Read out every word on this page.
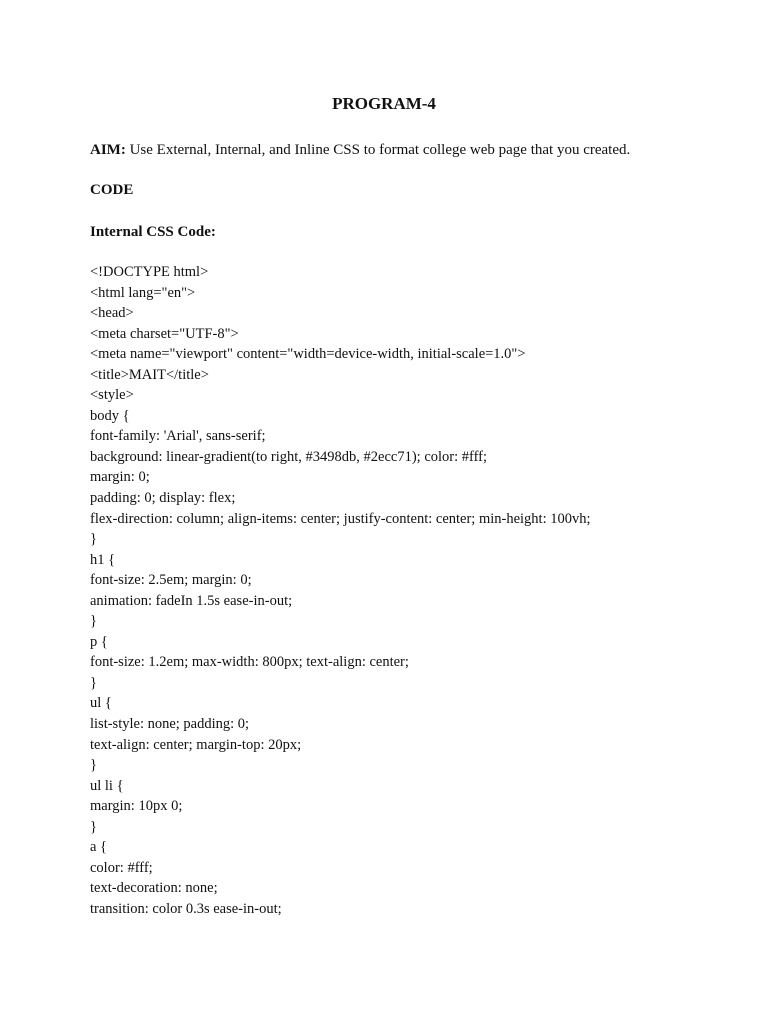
PROGRAM-4
AIM: Use External, Internal, and Inline CSS to format college web page that you created.
CODE
Internal CSS Code:
<!DOCTYPE html>
<html lang="en">
<head>
<meta charset="UTF-8">
<meta name="viewport" content="width=device-width, initial-scale=1.0">
<title>MAIT</title>
<style>
body {
font-family: 'Arial', sans-serif;
background: linear-gradient(to right, #3498db, #2ecc71); color: #fff;
margin: 0;
padding: 0; display: flex;
flex-direction: column; align-items: center; justify-content: center; min-height: 100vh;
}
h1 {
font-size: 2.5em; margin: 0;
animation: fadeIn 1.5s ease-in-out;
}
p {
font-size: 1.2em; max-width: 800px; text-align: center;
}
ul {
list-style: none; padding: 0;
text-align: center; margin-top: 20px;
}
ul li {
margin: 10px 0;
}
a {
color: #fff;
text-decoration: none;
transition: color 0.3s ease-in-out;
